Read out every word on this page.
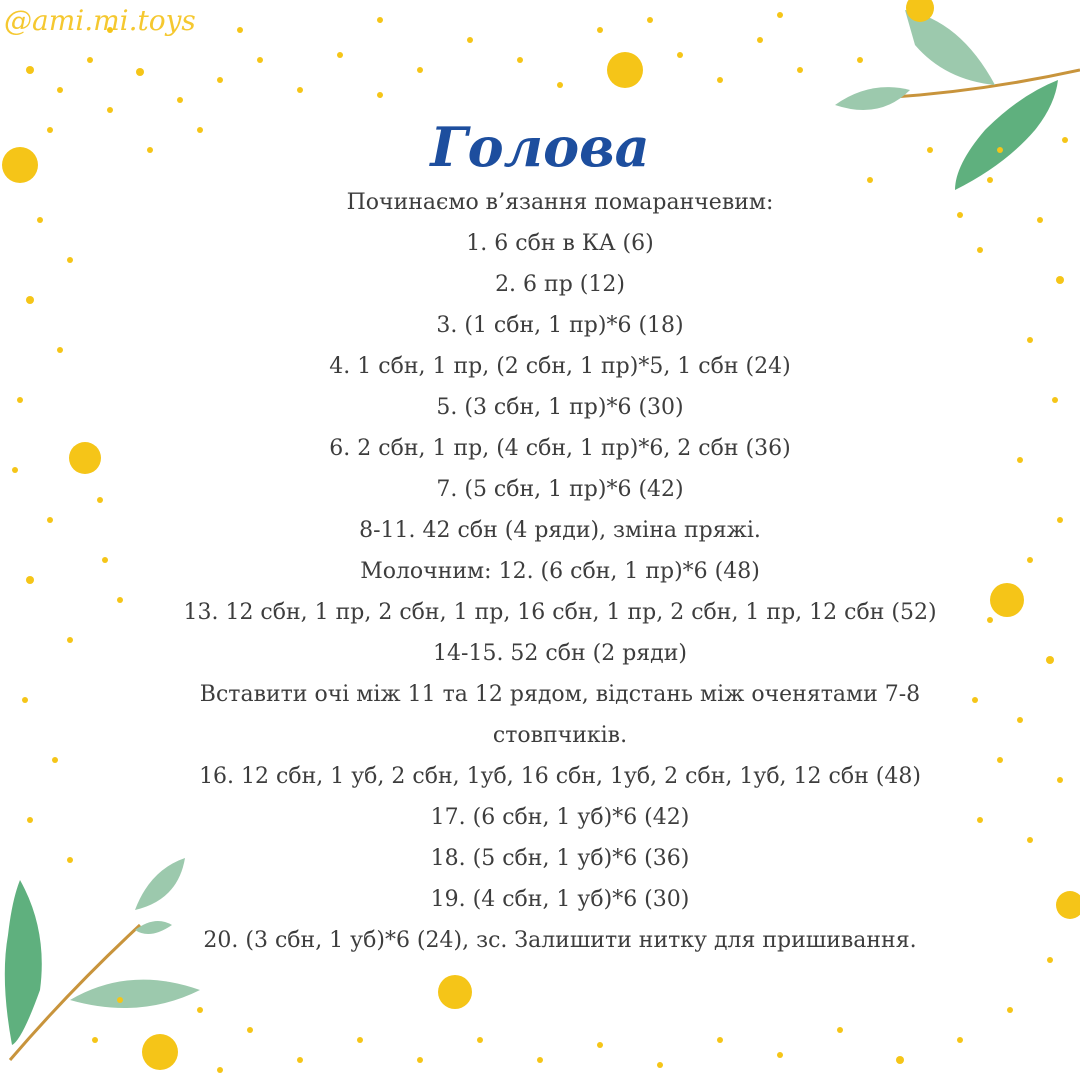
@ami.mi.toys
Голова
Починаємо в’язання помаранчевим:
1. 6 сбн в КА (6)
2. 6 пр (12)
3. (1 сбн, 1 пр)*6 (18)
4. 1 сбн, 1 пр, (2 сбн, 1 пр)*5, 1 сбн (24)
5. (3 сбн, 1 пр)*6 (30)
6. 2 сбн, 1 пр, (4 сбн, 1 пр)*6, 2 сбн (36)
7. (5 сбн, 1 пр)*6 (42)
8-11. 42 сбн (4 ряди), зміна пряжі.
Молочним: 12. (6 сбн, 1 пр)*6 (48)
13. 12 сбн, 1 пр, 2 сбн, 1 пр, 16 сбн, 1 пр, 2 сбн, 1 пр, 12 сбн (52)
14-15. 52 сбн (2 ряди)
Вставити очі між 11 та 12 рядом, відстань між оченятами 7-8
стовпчиків.
16. 12 сбн, 1 уб, 2 сбн, 1уб, 16 сбн, 1уб, 2 сбн, 1уб, 12 сбн (48)
17. (6 сбн, 1 уб)*6 (42)
18. (5 сбн, 1 уб)*6 (36)
19. (4 сбн, 1 уб)*6 (30)
20. (3 сбн, 1 уб)*6 (24), зс. Залишити нитку для пришивання.
